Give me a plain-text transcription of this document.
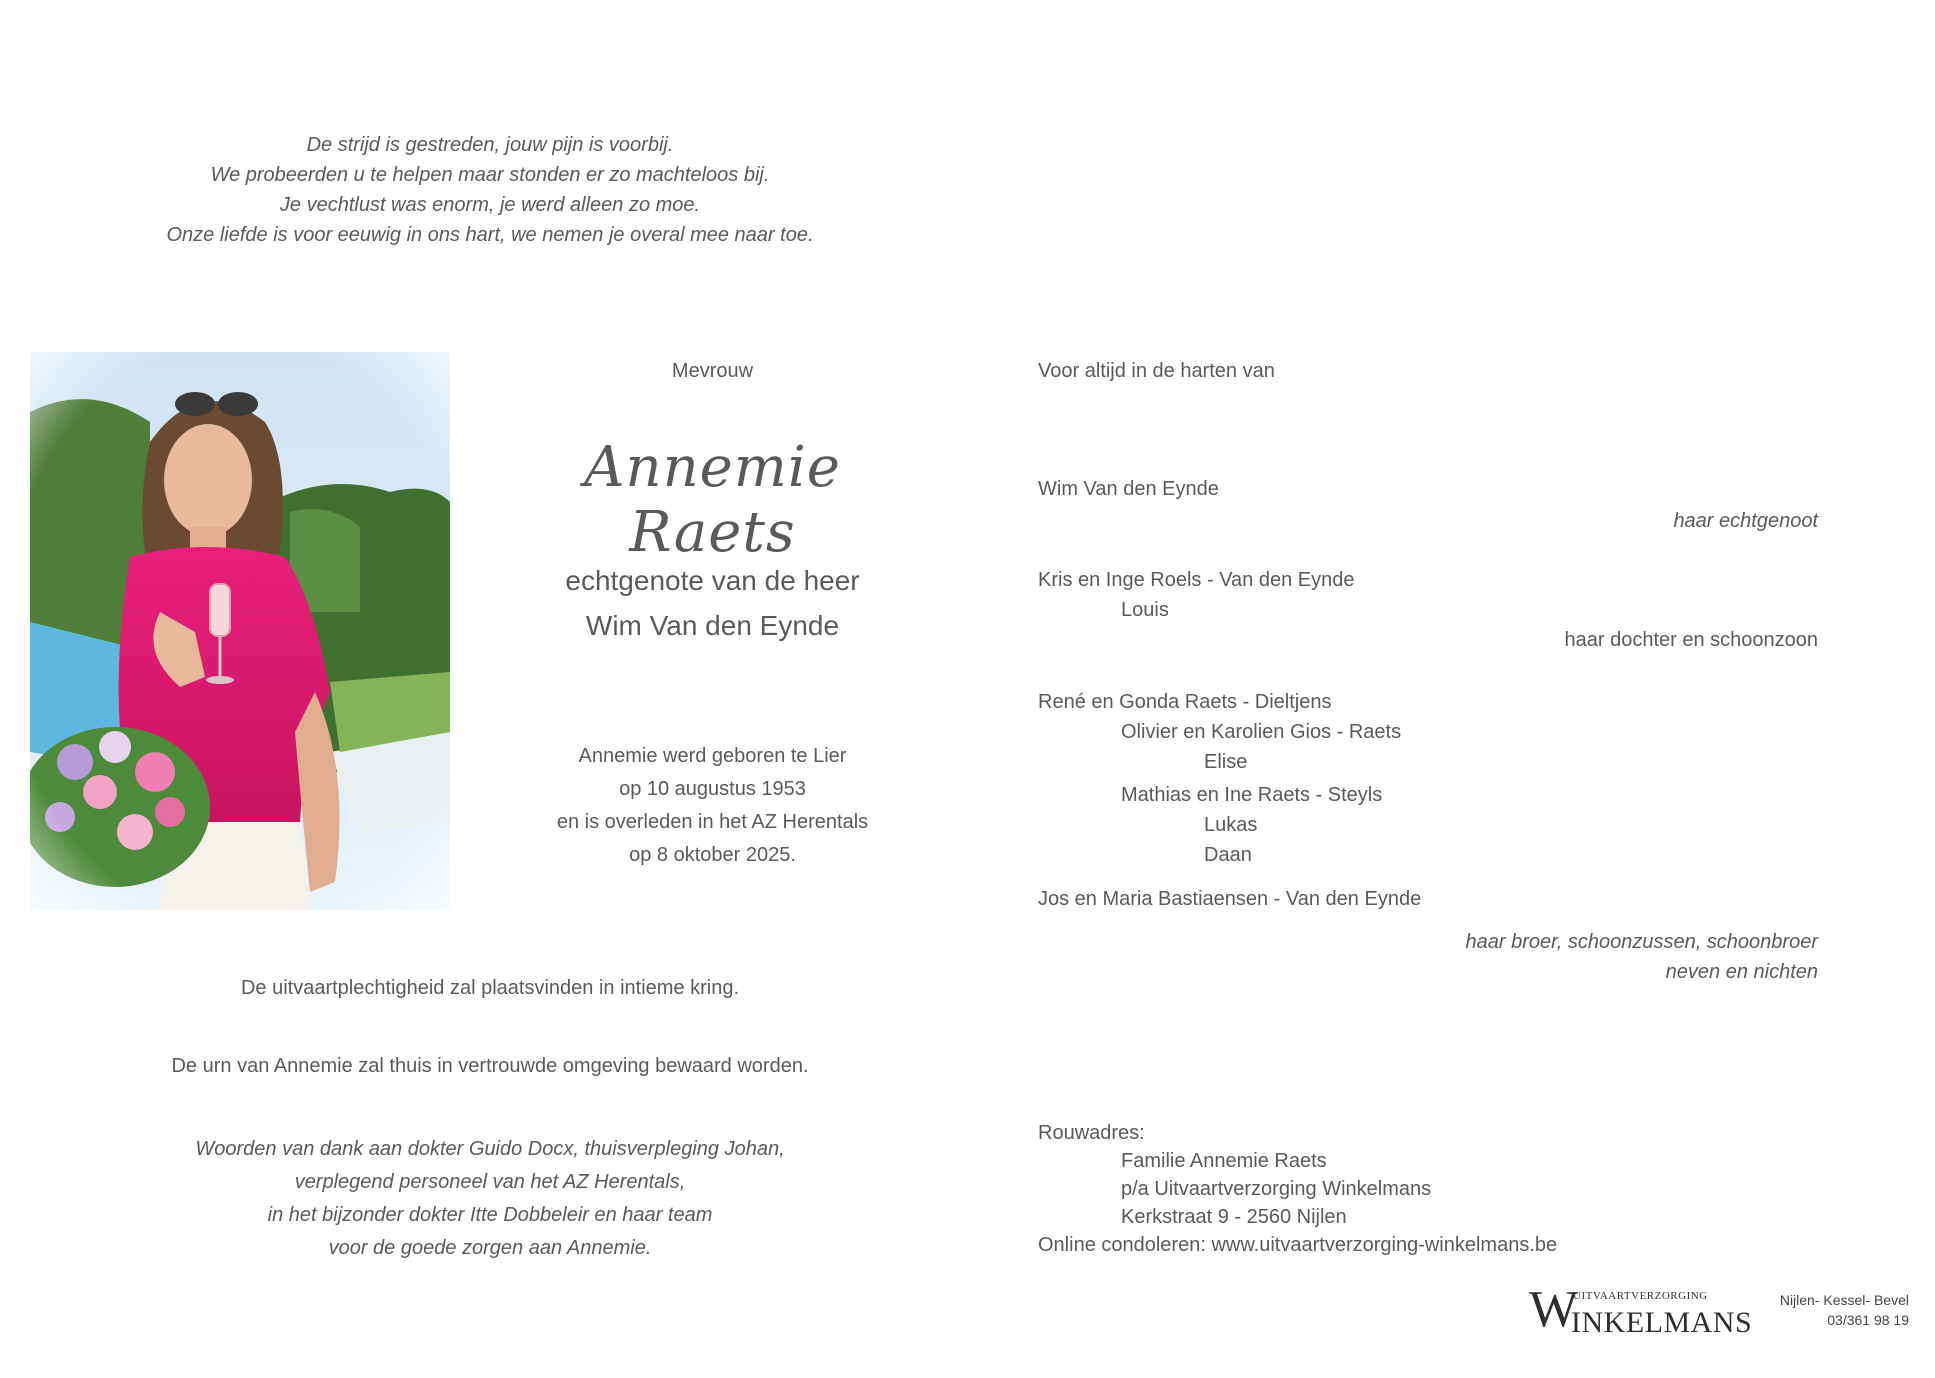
De strijd is gestreden, jouw pijn is voorbij.
We probeerden u te helpen maar stonden er zo machteloos bij.
Je vechtlust was enorm, je werd alleen zo moe.
Onze liefde is voor eeuwig in ons hart, we nemen je overal mee naar toe.
Mevrouw
Annemie Raets
echtgenote van de heer
Wim Van den Eynde
Annemie werd geboren te Lier
op 10 augustus 1953
en is overleden in het AZ Herentals
op 8 oktober 2025.
De uitvaartplechtigheid zal plaatsvinden in intieme kring.
De urn van Annemie zal thuis in vertrouwde omgeving bewaard worden.
Woorden van dank aan dokter Guido Docx, thuisverpleging Johan,
verplegend personeel van het AZ Herentals,
in het bijzonder dokter Itte Dobbeleir en haar team
voor de goede zorgen aan Annemie.
Voor altijd in de harten van
Wim Van den Eynde
haar echtgenoot
Kris en Inge Roels - Van den Eynde
Louis
haar dochter en schoonzoon
René en Gonda Raets - Dieltjens
Olivier en Karolien Gios - Raets
Elise
Mathias en Ine Raets - Steyls
Lukas
Daan
Jos en Maria Bastiaensen - Van den Eynde
haar broer, schoonzussen, schoonbroer
neven en nichten
Rouwadres:
Familie Annemie Raets
p/a Uitvaartverzorging Winkelmans
Kerkstraat 9 - 2560 Nijlen
Online condoleren: www.uitvaartverzorging-winkelmans.be
W
INKELMANS
UITVAARTVERZORGING	Nijlen- Kessel- Bevel
03/361 98 19
